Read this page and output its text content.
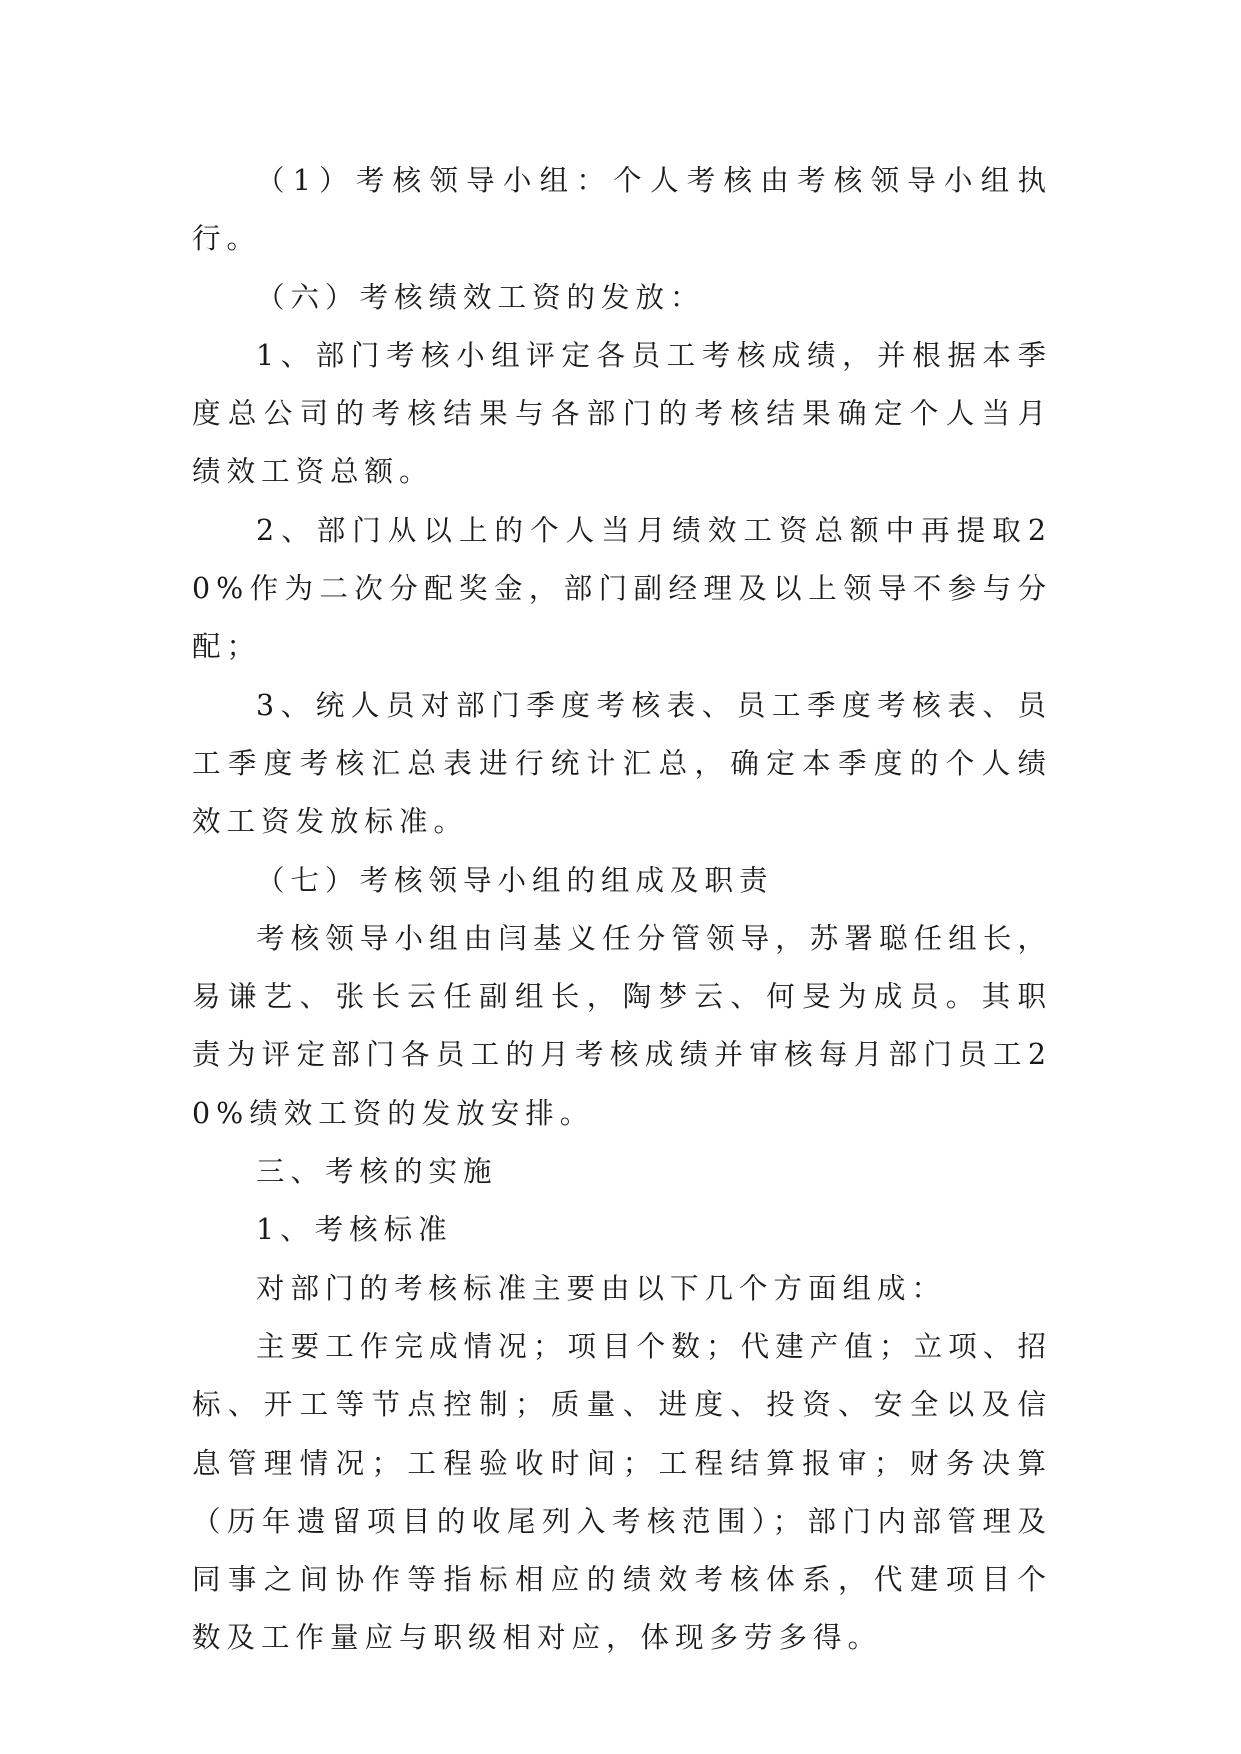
（1）考核领导小组：个人考核由考核领导小组执行。

（六）考核绩效工资的发放：

1、部门考核小组评定各员工考核成绩，并根据本季度总公司的考核结果与各部门的考核结果确定个人当月绩效工资总额。

2、部门从以上的个人当月绩效工资总额中再提取20%作为二次分配奖金，部门副经理及以上领导不参与分配；

3、统人员对部门季度考核表、员工季度考核表、员工季度考核汇总表进行统计汇总，确定本季度的个人绩效工资发放标准。

（七）考核领导小组的组成及职责

考核领导小组由闫基义任分管领导，苏署聪任组长，易谦艺、张长云任副组长，陶梦云、何旻为成员。其职责为评定部门各员工的月考核成绩并审核每月部门员工20%绩效工资的发放安排。

三、考核的实施

1、考核标准

对部门的考核标准主要由以下几个方面组成：

主要工作完成情况；项目个数；代建产值；立项、招标、开工等节点控制；质量、进度、投资、安全以及信息管理情况；工程验收时间；工程结算报审；财务决算（历年遗留项目的收尾列入考核范围）；部门内部管理及同事之间协作等指标相应的绩效考核体系，代建项目个数及工作量应与职级相对应，体现多劳多得。
